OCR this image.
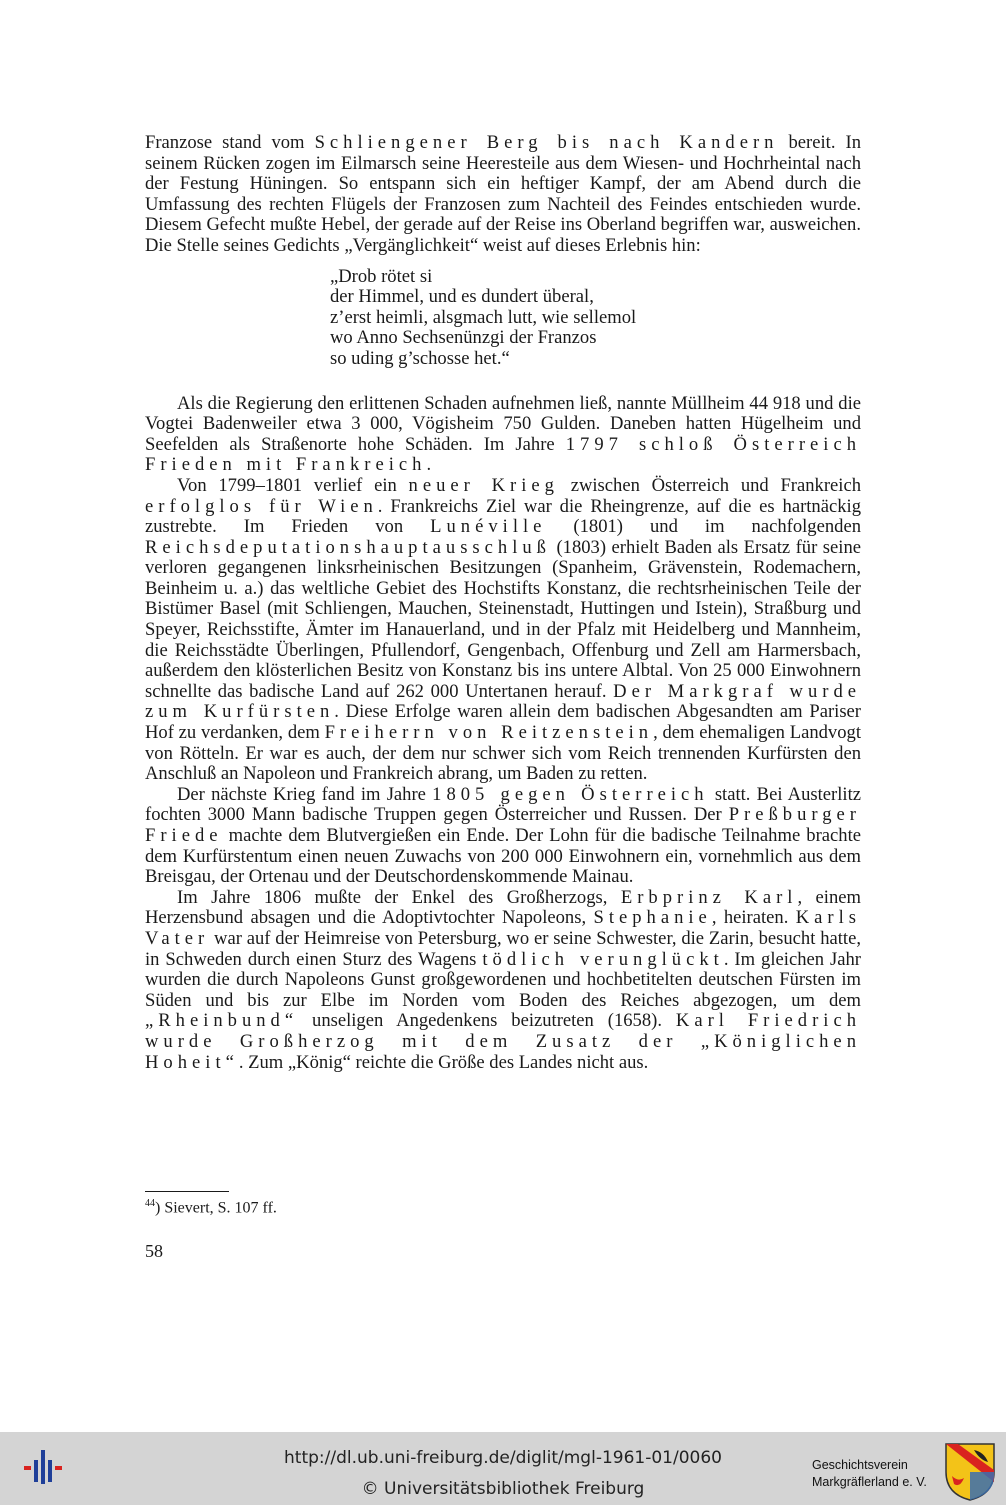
Franzose stand vom Schliengener Berg bis nach Kandern bereit. In seinem Rücken zogen im Eilmarsch seine Heeresteile aus dem Wiesen- und Hochrheintal nach der Festung Hüningen. So entspann sich ein heftiger Kampf, der am Abend durch die Umfassung des rechten Flügels der Franzosen zum Nachteil des Feindes entschieden wurde. Diesem Gefecht mußte Hebel, der gerade auf der Reise ins Oberland begriffen war, ausweichen. Die Stelle seines Gedichts „Vergänglichkeit“ weist auf dieses Erlebnis hin:

„Drob rötet si
der Himmel, und es dundert überal,
z’erst heimli, alsgmach lutt, wie sellemol
wo Anno Sechsenünzgi der Franzos
so uding g’schosse het.“

Als die Regierung den erlittenen Schaden aufnehmen ließ, nannte Müllheim 44 918 und die Vogtei Badenweiler etwa 3 000, Vögisheim 750 Gulden. Daneben hatten Hügelheim und Seefelden als Straßenorte hohe Schäden. Im Jahre 1797 schloß Österreich Frieden mit Frankreich.

Von 1799–1801 verlief ein neuer Krieg zwischen Österreich und Frankreich erfolglos für Wien. Frankreichs Ziel war die Rheingrenze, auf die es hartnäckig zustrebte. Im Frieden von Lunéville (1801) und im nachfolgenden Reichsdeputationshauptausschluß (1803) erhielt Baden als Ersatz für seine verloren gegangenen linksrheinischen Besitzungen (Spanheim, Grävenstein, Rodemachern, Beinheim u. a.) das weltliche Gebiet des Hochstifts Konstanz, die rechtsrheinischen Teile der Bistümer Basel (mit Schliengen, Mauchen, Steinenstadt, Huttingen und Istein), Straßburg und Speyer, Reichsstifte, Ämter im Hanauerland, und in der Pfalz mit Heidelberg und Mannheim, die Reichsstädte Überlingen, Pfullendorf, Gengenbach, Offenburg und Zell am Harmersbach, außerdem den klösterlichen Besitz von Konstanz bis ins untere Albtal. Von 25 000 Einwohnern schnellte das badische Land auf 262 000 Untertanen herauf. Der Markgraf wurde zum Kurfürsten. Diese Erfolge waren allein dem badischen Abgesandten am Pariser Hof zu verdanken, dem Freiherrn von Reitzenstein, dem ehemaligen Landvogt von Rötteln. Er war es auch, der dem nur schwer sich vom Reich trennenden Kurfürsten den Anschluß an Napoleon und Frankreich abrang, um Baden zu retten.

Der nächste Krieg fand im Jahre 1805 gegen Österreich statt. Bei Austerlitz fochten 3000 Mann badische Truppen gegen Österreicher und Russen. Der Preßburger Friede machte dem Blutvergießen ein Ende. Der Lohn für die badische Teilnahme brachte dem Kurfürstentum einen neuen Zuwachs von 200 000 Einwohnern ein, vornehmlich aus dem Breisgau, der Ortenau und der Deutschordenskommende Mainau.

Im Jahre 1806 mußte der Enkel des Großherzogs, Erbprinz Karl, einem Herzensbund absagen und die Adoptivtochter Napoleons, Stephanie, heiraten. Karls Vater war auf der Heimreise von Petersburg, wo er seine Schwester, die Zarin, besucht hatte, in Schweden durch einen Sturz des Wagens tödlich verunglückt. Im gleichen Jahr wurden die durch Napoleons Gunst großgewordenen und hochbetitelten deutschen Fürsten im Süden und bis zur Elbe im Norden vom Boden des Reiches abgezogen, um dem „Rheinbund“ unseligen Angedenkens beizutreten (1658). Karl Friedrich wurde Großherzog mit dem Zusatz der „Königlichen Hoheit“. Zum „König“ reichte die Größe des Landes nicht aus.

$^{44}$) Sievert, S. 107 ff.
58
http://dl.ub.uni-freiburg.de/diglit/mgl-1961-01/0060
© Universitätsbibliothek Freiburg
Geschichtsverein
Markgräflerland e. V.
